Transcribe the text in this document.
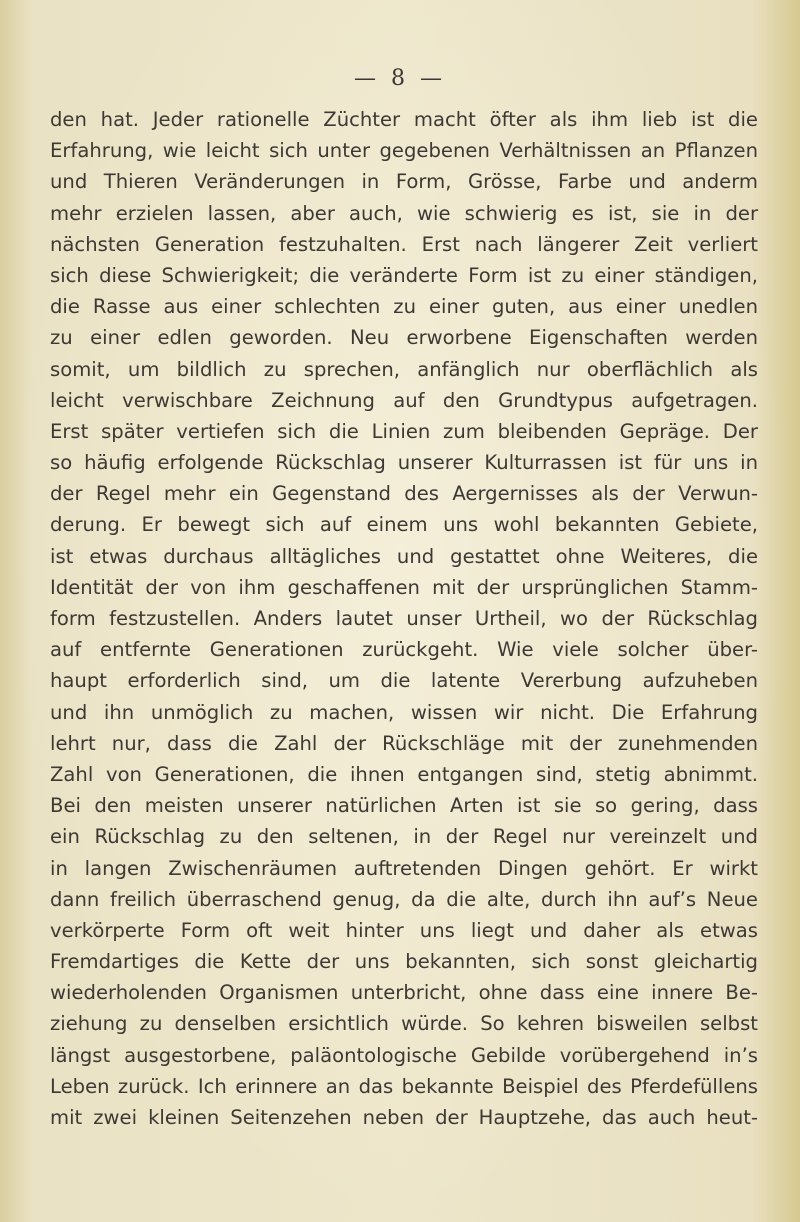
— 8 —
den hat. Jeder rationelle Züchter macht öfter als ihm lieb ist die
Erfahrung, wie leicht sich unter gegebenen Verhältnissen an Pflanzen
und Thieren Veränderungen in Form, Grösse, Farbe und anderm
mehr erzielen lassen, aber auch, wie schwierig es ist, sie in der
nächsten Generation festzuhalten. Erst nach längerer Zeit verliert
sich diese Schwierigkeit; die veränderte Form ist zu einer ständigen,
die Rasse aus einer schlechten zu einer guten, aus einer unedlen
zu einer edlen geworden. Neu erworbene Eigenschaften werden
somit, um bildlich zu sprechen, anfänglich nur oberflächlich als
leicht verwischbare Zeichnung auf den Grundtypus aufgetragen.
Erst später vertiefen sich die Linien zum bleibenden Gepräge. Der
so häufig erfolgende Rückschlag unserer Kulturrassen ist für uns in
der Regel mehr ein Gegenstand des Aergernisses als der Verwun-
derung. Er bewegt sich auf einem uns wohl bekannten Gebiete,
ist etwas durchaus alltägliches und gestattet ohne Weiteres, die
Identität der von ihm geschaffenen mit der ursprünglichen Stamm-
form festzustellen. Anders lautet unser Urtheil, wo der Rückschlag
auf entfernte Generationen zurückgeht. Wie viele solcher über-
haupt erforderlich sind, um die latente Vererbung aufzuheben
und ihn unmöglich zu machen, wissen wir nicht. Die Erfahrung
lehrt nur, dass die Zahl der Rückschläge mit der zunehmenden
Zahl von Generationen, die ihnen entgangen sind, stetig abnimmt.
Bei den meisten unserer natürlichen Arten ist sie so gering, dass
ein Rückschlag zu den seltenen, in der Regel nur vereinzelt und
in langen Zwischenräumen auftretenden Dingen gehört. Er wirkt
dann freilich überraschend genug, da die alte, durch ihn auf’s Neue
verkörperte Form oft weit hinter uns liegt und daher als etwas
Fremdartiges die Kette der uns bekannten, sich sonst gleichartig
wiederholenden Organismen unterbricht, ohne dass eine innere Be-
ziehung zu denselben ersichtlich würde. So kehren bisweilen selbst
längst ausgestorbene, paläontologische Gebilde vorübergehend in’s
Leben zurück. Ich erinnere an das bekannte Beispiel des Pferdefüllens
mit zwei kleinen Seitenzehen neben der Hauptzehe, das auch heut-
